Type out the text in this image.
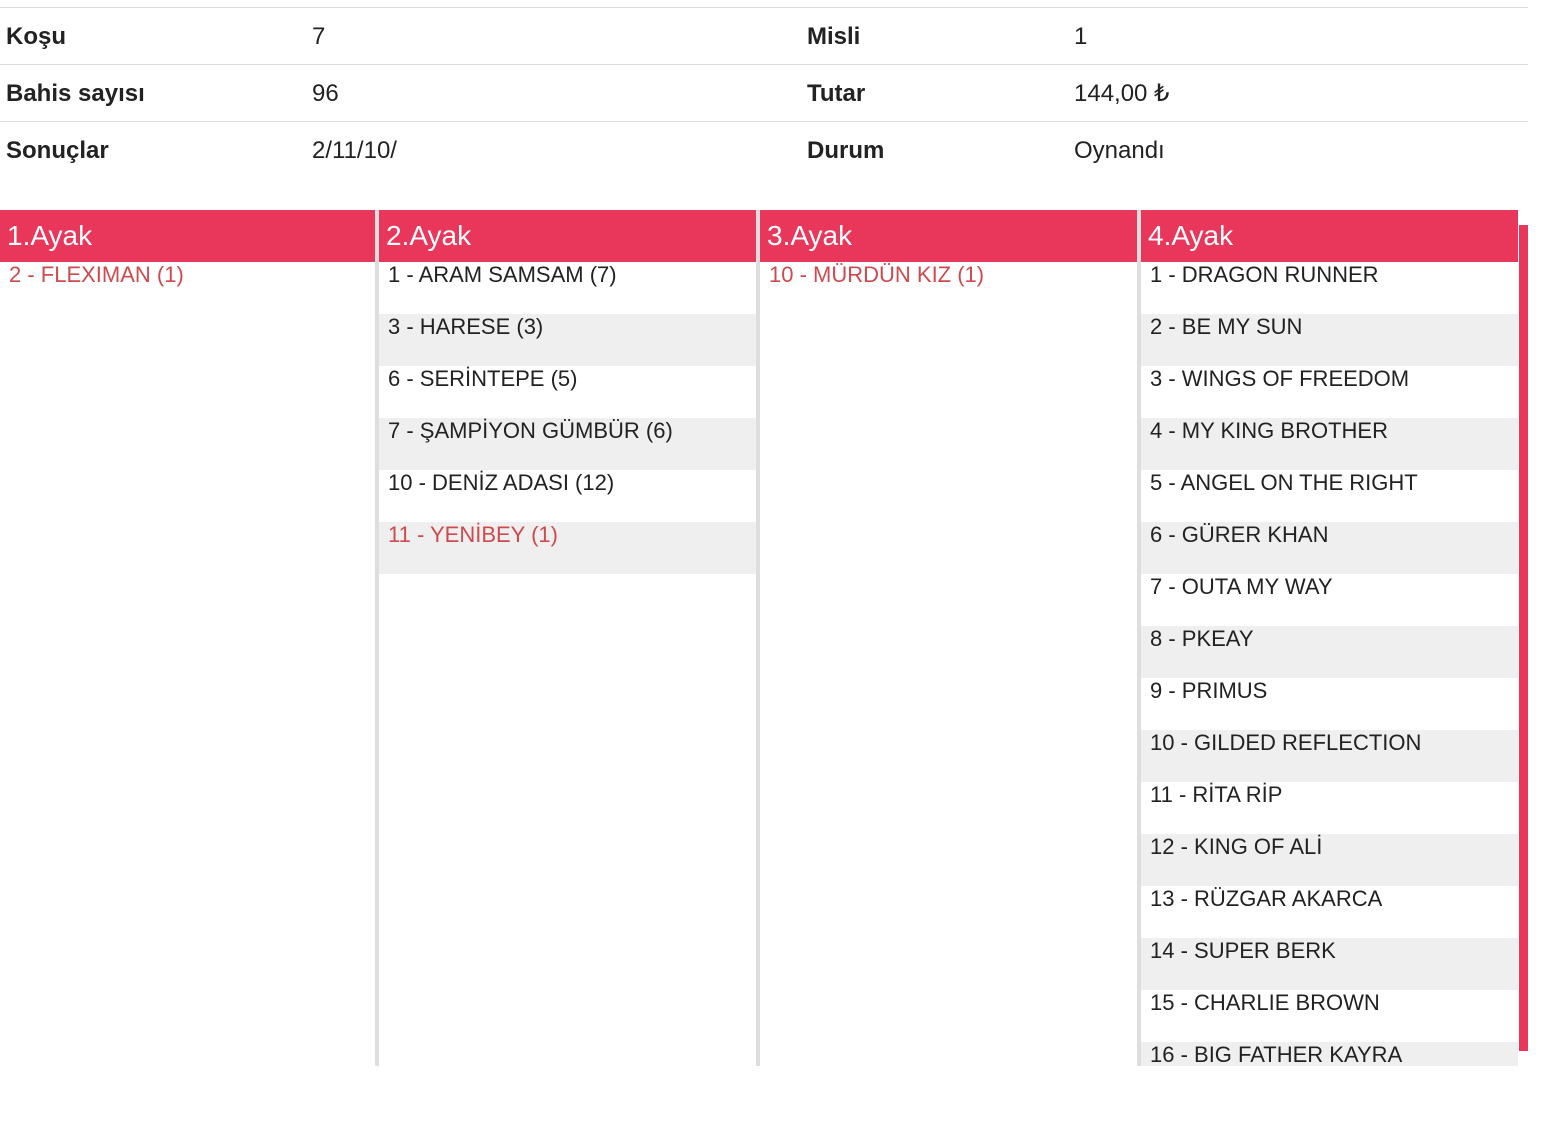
Koşu	7	Misli	1
Bahis sayısı	96	Tutar	144,00 ₺
Sonuçlar	2/11/10/	Durum	Oynandı
1.Ayak
2 - FLEXIMAN (1)
2.Ayak
1 - ARAM SAMSAM (7)
3 - HARESE (3)
6 - SERİNTEPE (5)
7 - ŞAMPİYON GÜMBÜR (6)
10 - DENİZ ADASI (12)
11 - YENİBEY (1)
3.Ayak
10 - MÜRDÜN KIZ (1)
4.Ayak
1 - DRAGON RUNNER
2 - BE MY SUN
3 - WINGS OF FREEDOM
4 - MY KING BROTHER
5 - ANGEL ON THE RIGHT
6 - GÜRER KHAN
7 - OUTA MY WAY
8 - PKEAY
9 - PRIMUS
10 - GILDED REFLECTION
11 - RİTA RİP
12 - KING OF ALİ
13 - RÜZGAR AKARCA
14 - SUPER BERK
15 - CHARLIE BROWN
16 - BIG FATHER KAYRA
